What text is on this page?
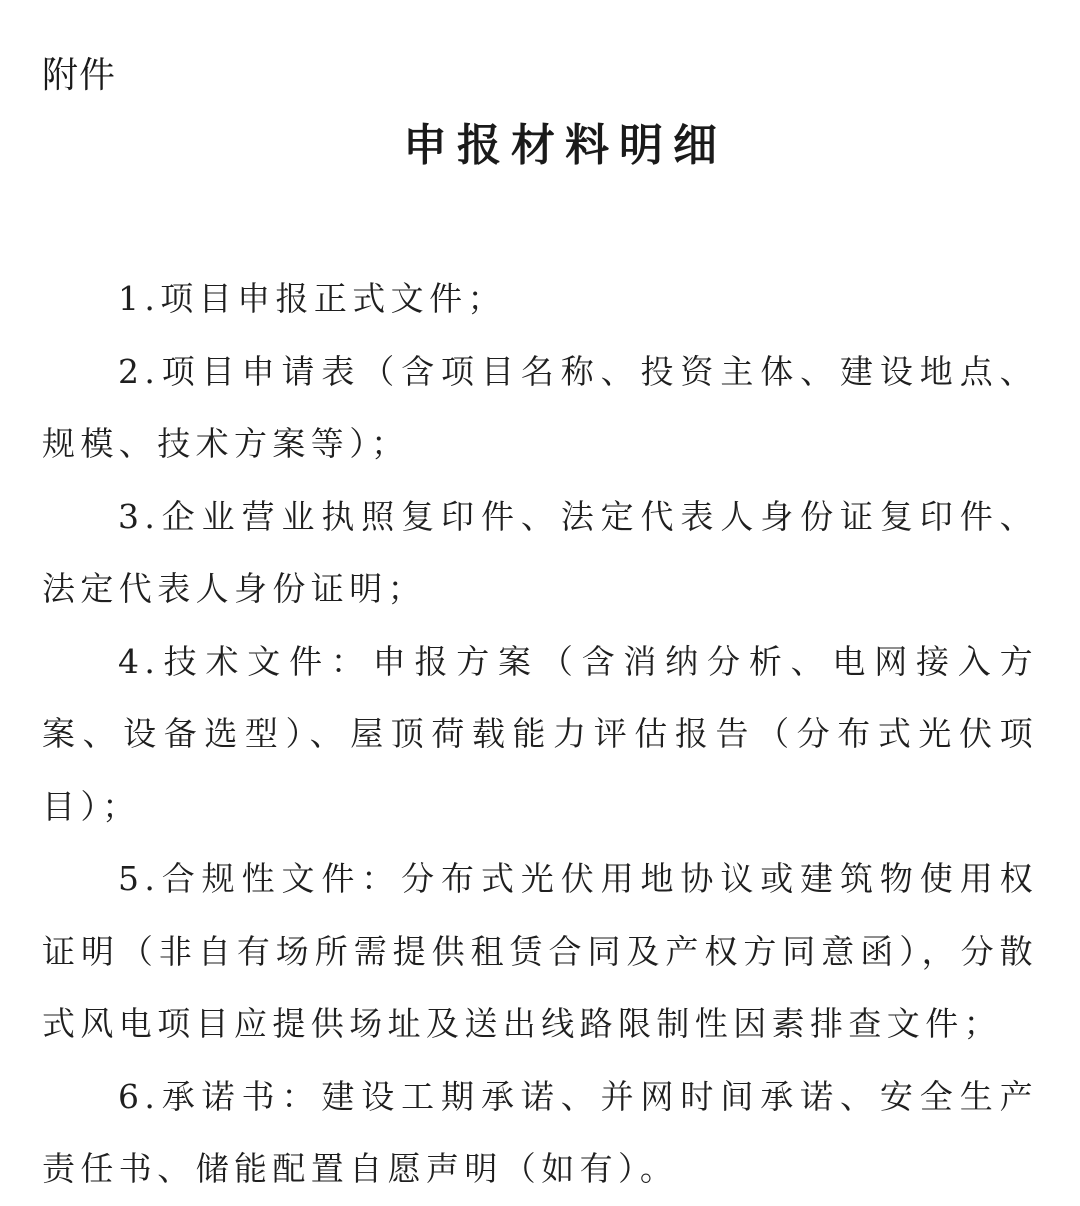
附件
申报材料明细
1.项目申报正式文件；
2.项目申请表（含项目名称、投资主体、建设地点、规模、技术方案等）；
3.企业营业执照复印件、法定代表人身份证复印件、法定代表人身份证明；
4.技术文件：申报方案（含消纳分析、电网接入方案、设备选型）、屋顶荷载能力评估报告（分布式光伏项目）；
5.合规性文件：分布式光伏用地协议或建筑物使用权证明（非自有场所需提供租赁合同及产权方同意函），分散式风电项目应提供场址及送出线路限制性因素排查文件；
6.承诺书：建设工期承诺、并网时间承诺、安全生产责任书、储能配置自愿声明（如有）。
